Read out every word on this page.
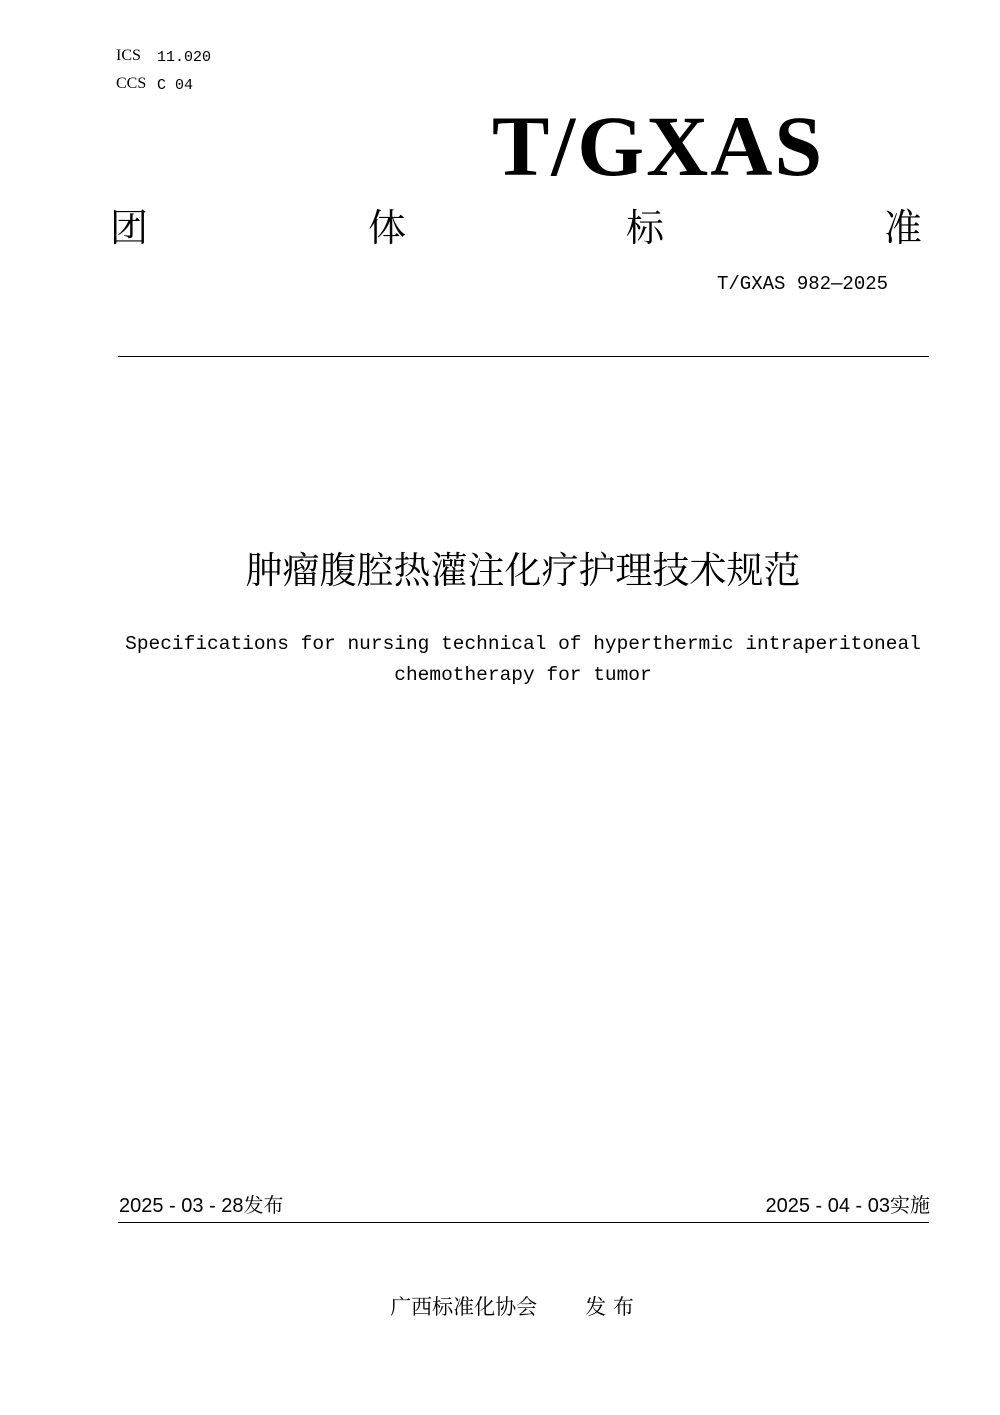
ICS 11.020
CCS C 04
T/GXAS
团	体	标	准
T/GXAS 982—2025
肿瘤腹腔热灌注化疗护理技术规范
Specifications for nursing technical of hyperthermic intraperitoneal
chemotherapy for tumor
2025 - 03 - 28发布	2025 - 04 - 03实施
广西标准化协会 发 布
